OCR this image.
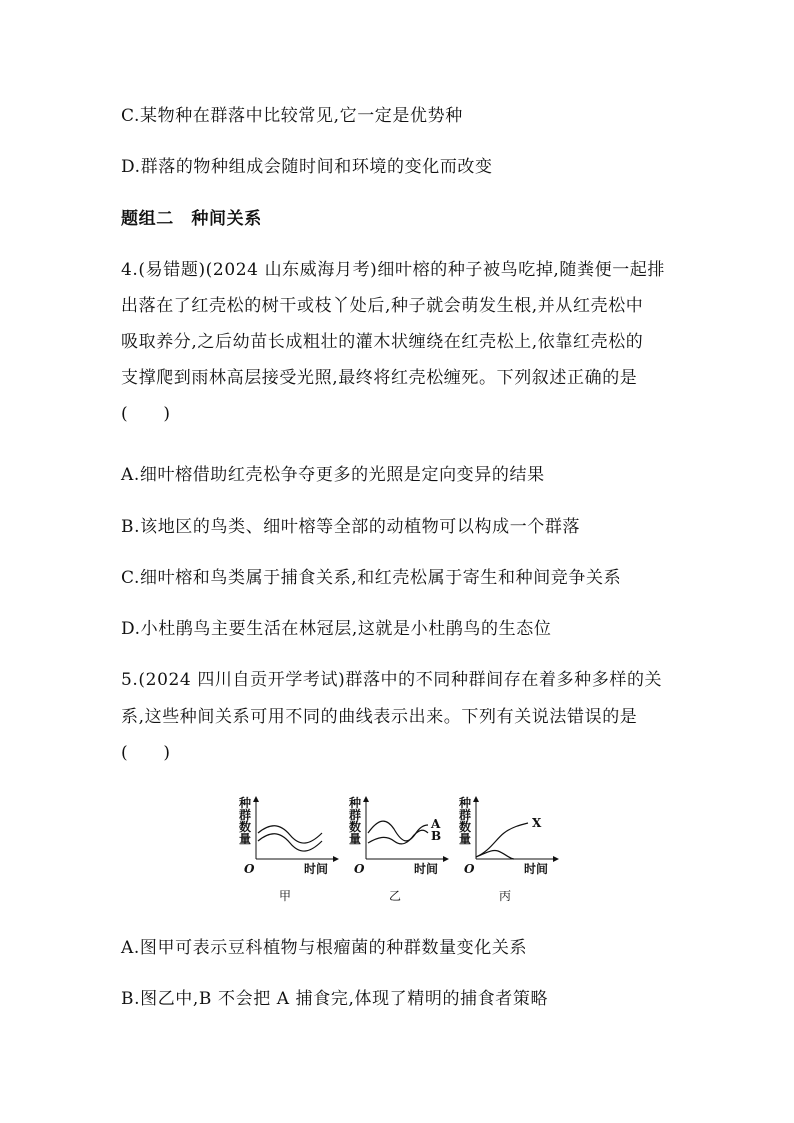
C.某物种在群落中比较常见,它一定是优势种
D.群落的物种组成会随时间和环境的变化而改变
题组二　种间关系
4.(易错题)(2024 山东威海月考)细叶榕的种子被鸟吃掉,随粪便一起排
出落在了红壳松的树干或枝丫处后,种子就会萌发生根,并从红壳松中
吸取养分,之后幼苗长成粗壮的灌木状缠绕在红壳松上,依靠红壳松的
支撑爬到雨林高层接受光照,最终将红壳松缠死。下列叙述正确的是
(　　)
A.细叶榕借助红壳松争夺更多的光照是定向变异的结果
B.该地区的鸟类、细叶榕等全部的动植物可以构成一个群落
C.细叶榕和鸟类属于捕食关系,和红壳松属于寄生和种间竞争关系
D.小杜鹃鸟主要生活在林冠层,这就是小杜鹃鸟的生态位
5.(2024 四川自贡开学考试)群落中的不同种群间存在着多种多样的关
系,这些种间关系可用不同的曲线表示出来。下列有关说法错误的是
(　　)
种
群
数
量
O	时间
甲
种
群
数
量
O	时间
A
B
乙
种
群
数
量
O	时间
X
丙
A.图甲可表示豆科植物与根瘤菌的种群数量变化关系
B.图乙中,B 不会把 A 捕食完,体现了精明的捕食者策略
